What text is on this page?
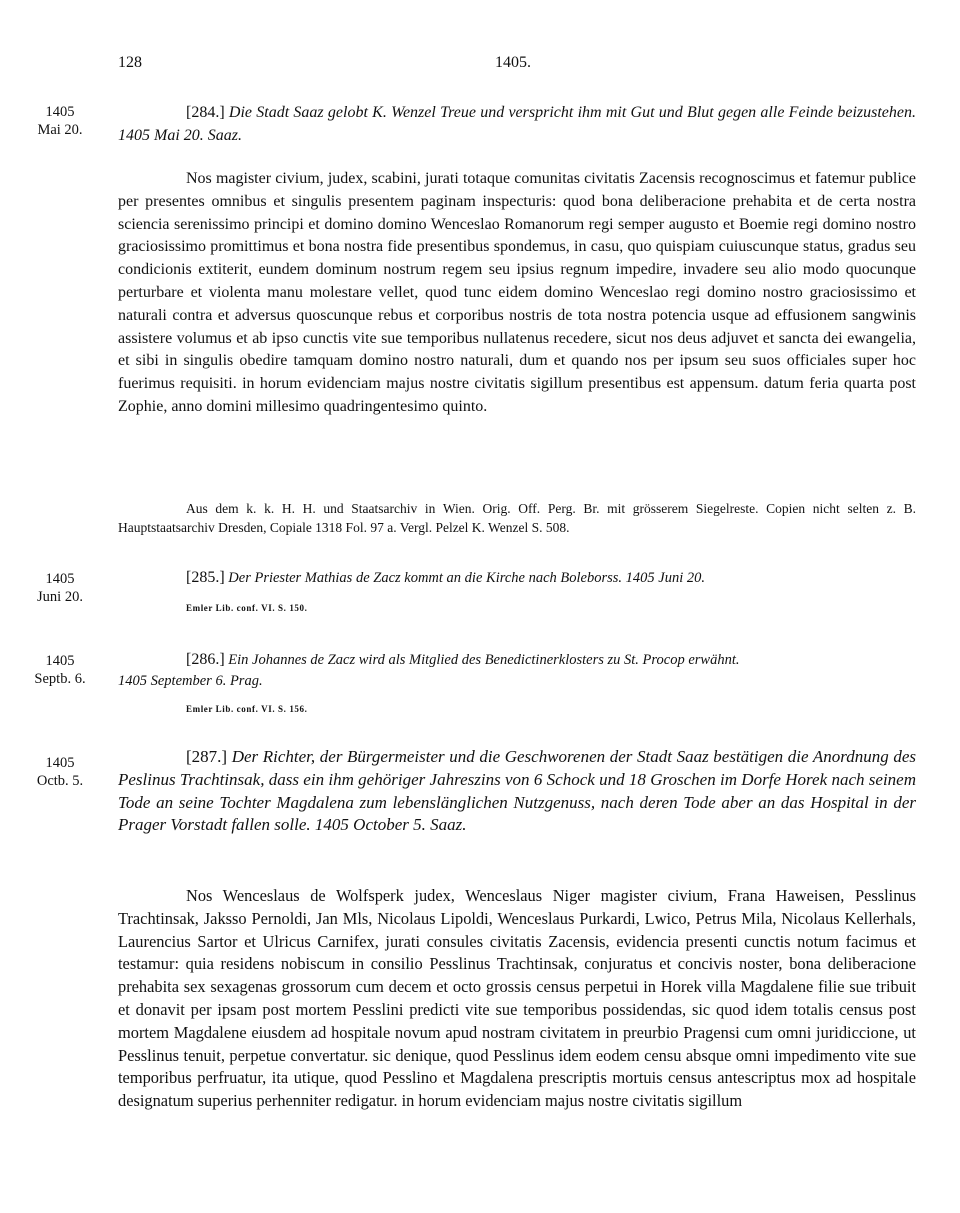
128	1405.
1405
Mai 20.
[284.] Die Stadt Saaz gelobt K. Wenzel Treue und verspricht ihm mit Gut und Blut gegen alle Feinde beizustehen. 1405 Mai 20. Saaz.

Nos magister civium, judex, scabini, jurati totaque comunitas civitatis Zacensis recognoscimus et fatemur publice per presentes omnibus et singulis presentem paginam inspecturis: quod bona deliberacione prehabita et de certa nostra sciencia serenissimo principi et domino domino Wenceslao Romanorum regi semper augusto et Boemie regi domino nostro graciosissimo promittimus et bona nostra fide presentibus spondemus, in casu, quo quispiam cuiuscunque status, gradus seu condicionis extiterit, eundem dominum nostrum regem seu ipsius regnum impedire, invadere seu alio modo quocunque perturbare et violenta manu molestare vellet, quod tunc eidem domino Wenceslao regi domino nostro graciosissimo et naturali contra et adversus quoscunque rebus et corporibus nostris de tota nostra potencia usque ad effusionem sangwinis assistere volumus et ab ipso cunctis vite sue temporibus nullatenus recedere, sicut nos deus adjuvet et sancta dei ewangelia, et sibi in singulis obedire tamquam domino nostro naturali, dum et quando nos per ipsum seu suos officiales super hoc fuerimus requisiti. in horum evidenciam majus nostre civitatis sigillum presentibus est appensum. datum feria quarta post Zophie, anno domini millesimo quadringentesimo quinto.

Aus dem k. k. H. H. und Staatsarchiv in Wien. Orig. Off. Perg. Br. mit grösserem Siegelreste. Copien nicht selten z. B. Hauptstaatsarchiv Dresden, Copiale 1318 Fol. 97 a. Vergl. Pelzel K. Wenzel S. 508.

1405
Juni 20.
[285.] Der Priester Mathias de Zacz kommt an die Kirche nach Boleborss. 1405 Juni 20.
Emler Lib. conf. VI. S. 150.
1405
Septb. 6.
[286.] Ein Johannes de Zacz wird als Mitglied des Benedictinerklosters zu St. Procop erwähnt.
1405 September 6. Prag.
Emler Lib. conf. VI. S. 156.
1405
Octb. 5.
[287.] Der Richter, der Bürgermeister und die Geschworenen der Stadt Saaz bestätigen die Anordnung des Peslinus Trachtinsak, dass ein ihm gehöriger Jahreszins von 6 Schock und 18 Groschen im Dorfe Horek nach seinem Tode an seine Tochter Magdalena zum lebenslänglichen Nutzgenuss, nach deren Tode aber an das Hospital in der Prager Vorstadt fallen solle. 1405 October 5. Saaz.

Nos Wenceslaus de Wolfsperk judex, Wenceslaus Niger magister civium, Frana Haweisen, Pesslinus Trachtinsak, Jaksso Pernoldi, Jan Mls, Nicolaus Lipoldi, Wenceslaus Purkardi, Lwico, Petrus Mila, Nicolaus Kellerhals, Laurencius Sartor et Ulricus Carnifex, jurati consules civitatis Zacensis, evidencia presenti cunctis notum facimus et testamur: quia residens nobiscum in consilio Pesslinus Trachtinsak, conjuratus et concivis noster, bona deliberacione prehabita sex sexagenas grossorum cum decem et octo grossis census perpetui in Horek villa Magdalene filie sue tribuit et donavit per ipsam post mortem Pesslini predicti vite sue temporibus possidendas, sic quod idem totalis census post mortem Magdalene eiusdem ad hospitale novum apud nostram civitatem in preurbio Pragensi cum omni juridiccione, ut Pesslinus tenuit, perpetue convertatur. sic denique, quod Pesslinus idem eodem censu absque omni impedimento vite sue temporibus perfruatur, ita utique, quod Pesslino et Magdalena prescriptis mortuis census antescriptus mox ad hospitale designatum superius perhenniter redigatur. in horum evidenciam majus nostre civitatis sigillum
